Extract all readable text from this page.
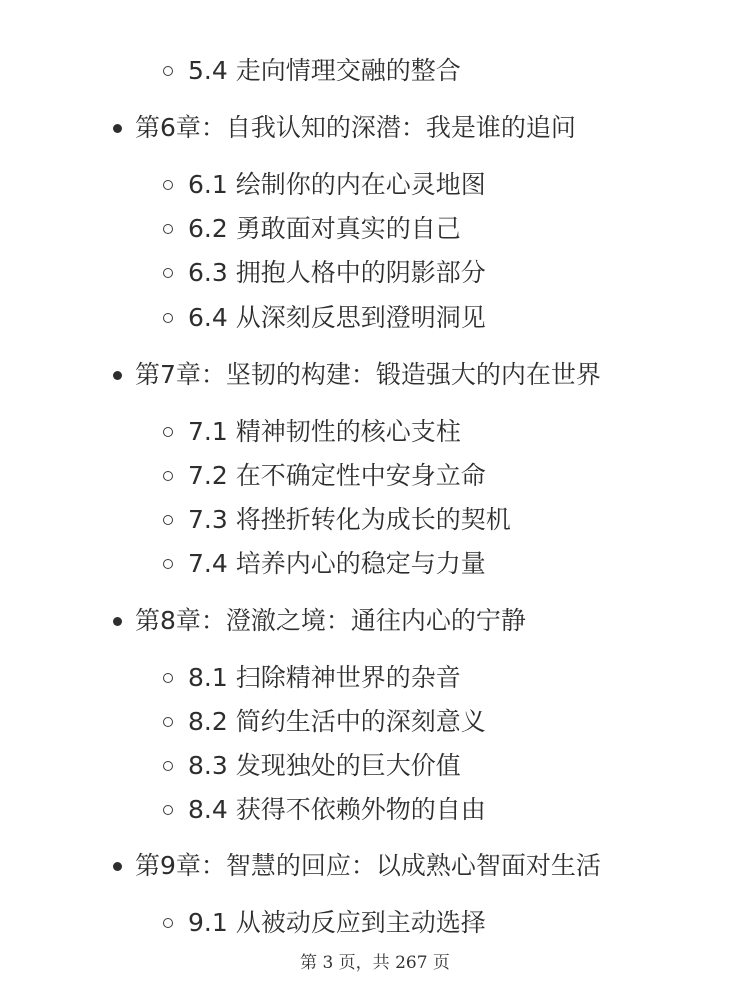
5.4 走向情理交融的整合
第6章：自我认知的深潜：我是谁的追问
6.1 绘制你的内在心灵地图
6.2 勇敢面对真实的自己
6.3 拥抱人格中的阴影部分
6.4 从深刻反思到澄明洞见
第7章：坚韧的构建：锻造强大的内在世界
7.1 精神韧性的核心支柱
7.2 在不确定性中安身立命
7.3 将挫折转化为成长的契机
7.4 培养内心的稳定与力量
第8章：澄澈之境：通往内心的宁静
8.1 扫除精神世界的杂音
8.2 简约生活中的深刻意义
8.3 发现独处的巨大价值
8.4 获得不依赖外物的自由
第9章：智慧的回应：以成熟心智面对生活
9.1 从被动反应到主动选择
第 3 页，共 267 页
